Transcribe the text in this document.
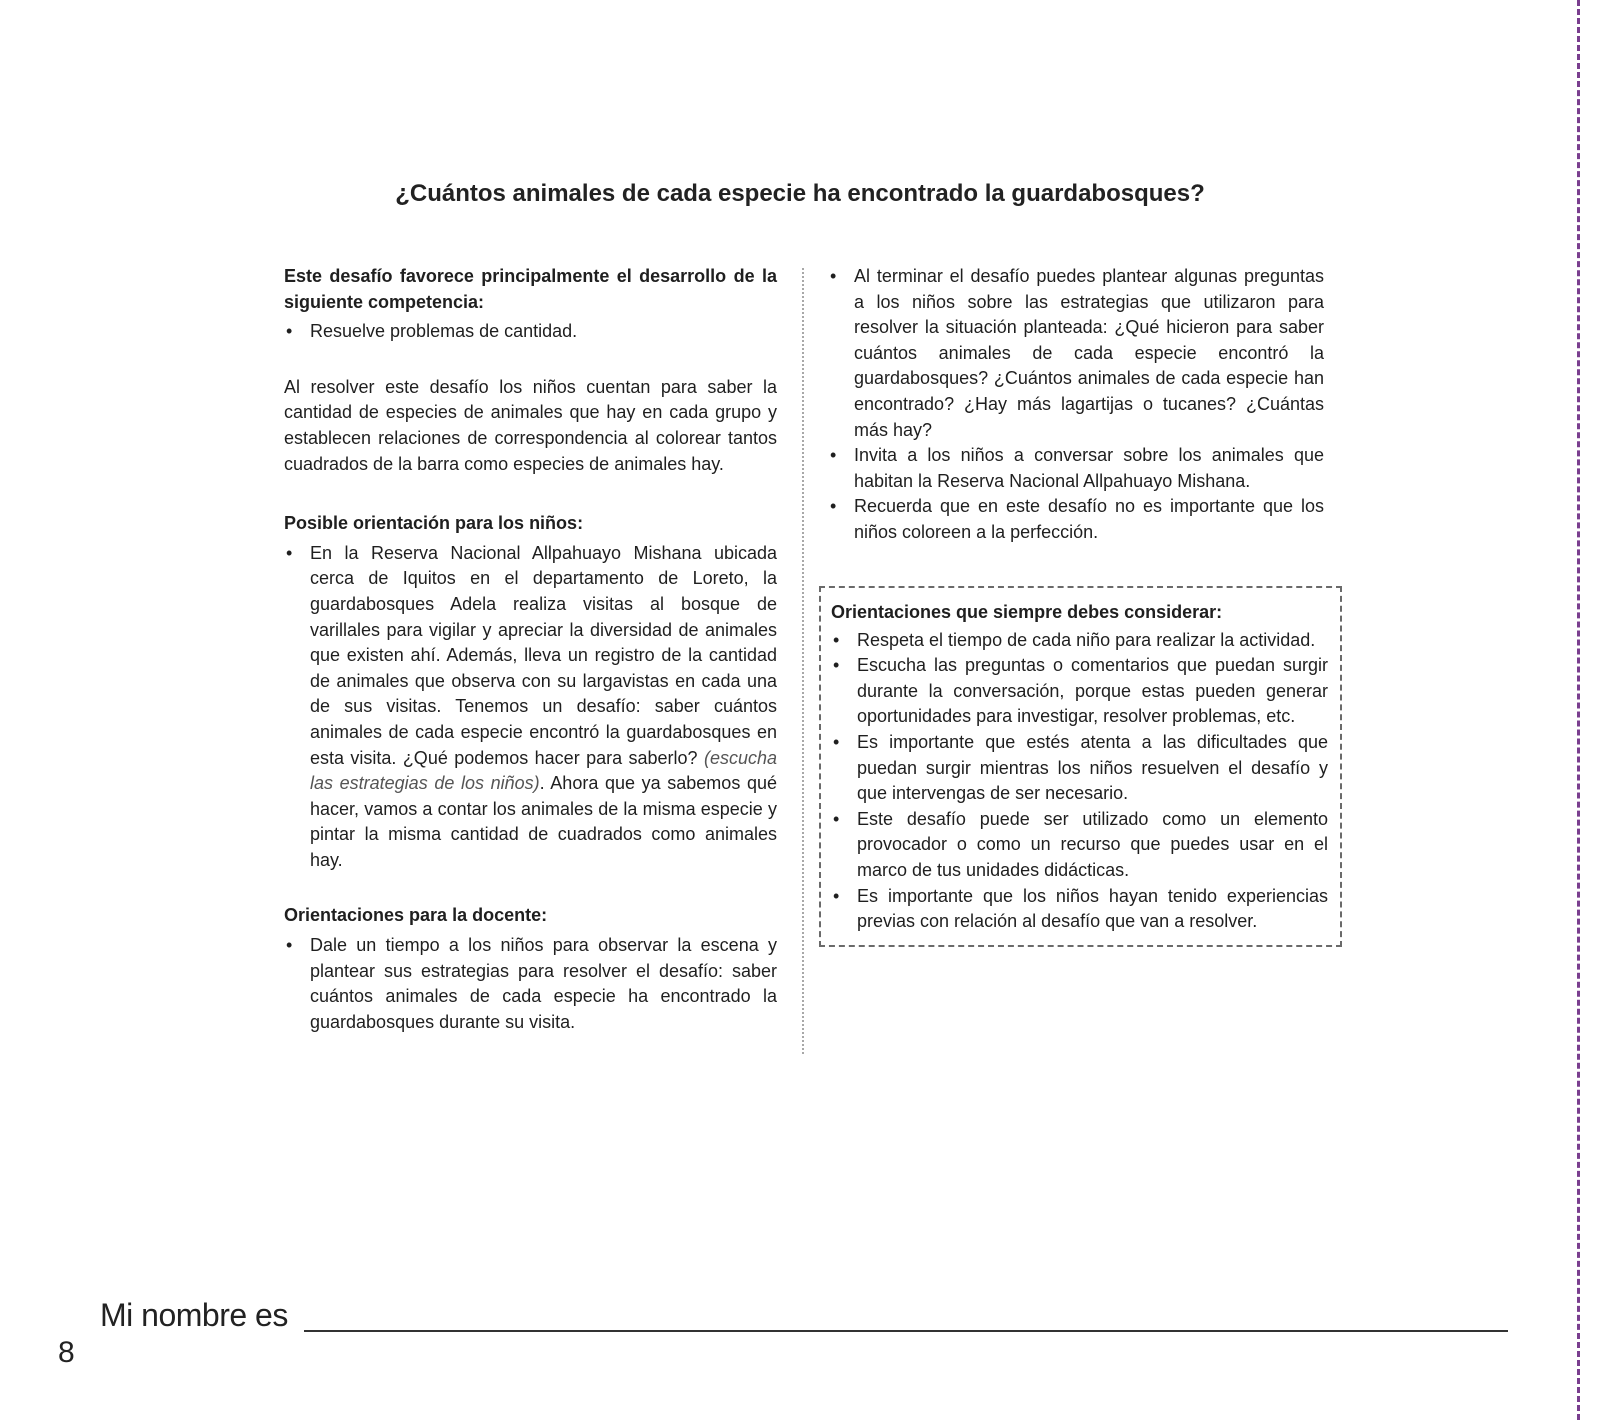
¿Cuántos animales de cada especie ha encontrado la guardabosques?

Este desafío favorece principalmente el desarrollo de la siguiente competencia:

• Resuelve problemas de cantidad.

Al resolver este desafío los niños cuentan para saber la cantidad de especies de animales que hay en cada grupo y establecen relaciones de correspondencia al colorear tantos cuadrados de la barra como especies de animales hay.

Posible orientación para los niños:

• En la Reserva Nacional Allpahuayo Mishana ubicada cerca de Iquitos en el departamento de Loreto, la guardabosques Adela realiza visitas al bosque de varillales para vigilar y apreciar la diversidad de animales que existen ahí. Además, lleva un registro de la cantidad de animales que observa con su largavistas en cada una de sus visitas. Tenemos un desafío: saber cuántos animales de cada especie encontró la guardabosques en esta visita. ¿Qué podemos hacer para saberlo? (escucha las estrategias de los niños). Ahora que ya sabemos qué hacer, vamos a contar los animales de la misma especie y pintar la misma cantidad de cuadrados como animales hay.

Orientaciones para la docente:

• Dale un tiempo a los niños para observar la escena y plantear sus estrategias para resolver el desafío: saber cuántos animales de cada especie ha encontrado la guardabosques durante su visita.
• Al terminar el desafío puedes plantear algunas preguntas a los niños sobre las estrategias que utilizaron para resolver la situación planteada: ¿Qué hicieron para saber cuántos animales de cada especie encontró la guardabosques? ¿Cuántos animales de cada especie han encontrado? ¿Hay más lagartijas o tucanes? ¿Cuántas más hay?
• Invita a los niños a conversar sobre los animales que habitan la Reserva Nacional Allpahuayo Mishana.
• Recuerda que en este desafío no es importante que los niños coloreen a la perfección.

Orientaciones que siempre debes considerar:

• Respeta el tiempo de cada niño para realizar la actividad.
• Escucha las preguntas o comentarios que puedan surgir durante la conversación, porque estas pueden generar oportunidades para investigar, resolver problemas, etc.
• Es importante que estés atenta a las dificultades que puedan surgir mientras los niños resuelven el desafío y que intervengas de ser necesario.
• Este desafío puede ser utilizado como un elemento provocador o como un recurso que puedes usar en el marco de tus unidades didácticas.
• Es importante que los niños hayan tenido experiencias previas con relación al desafío que van a resolver.
Mi nombre es
8
